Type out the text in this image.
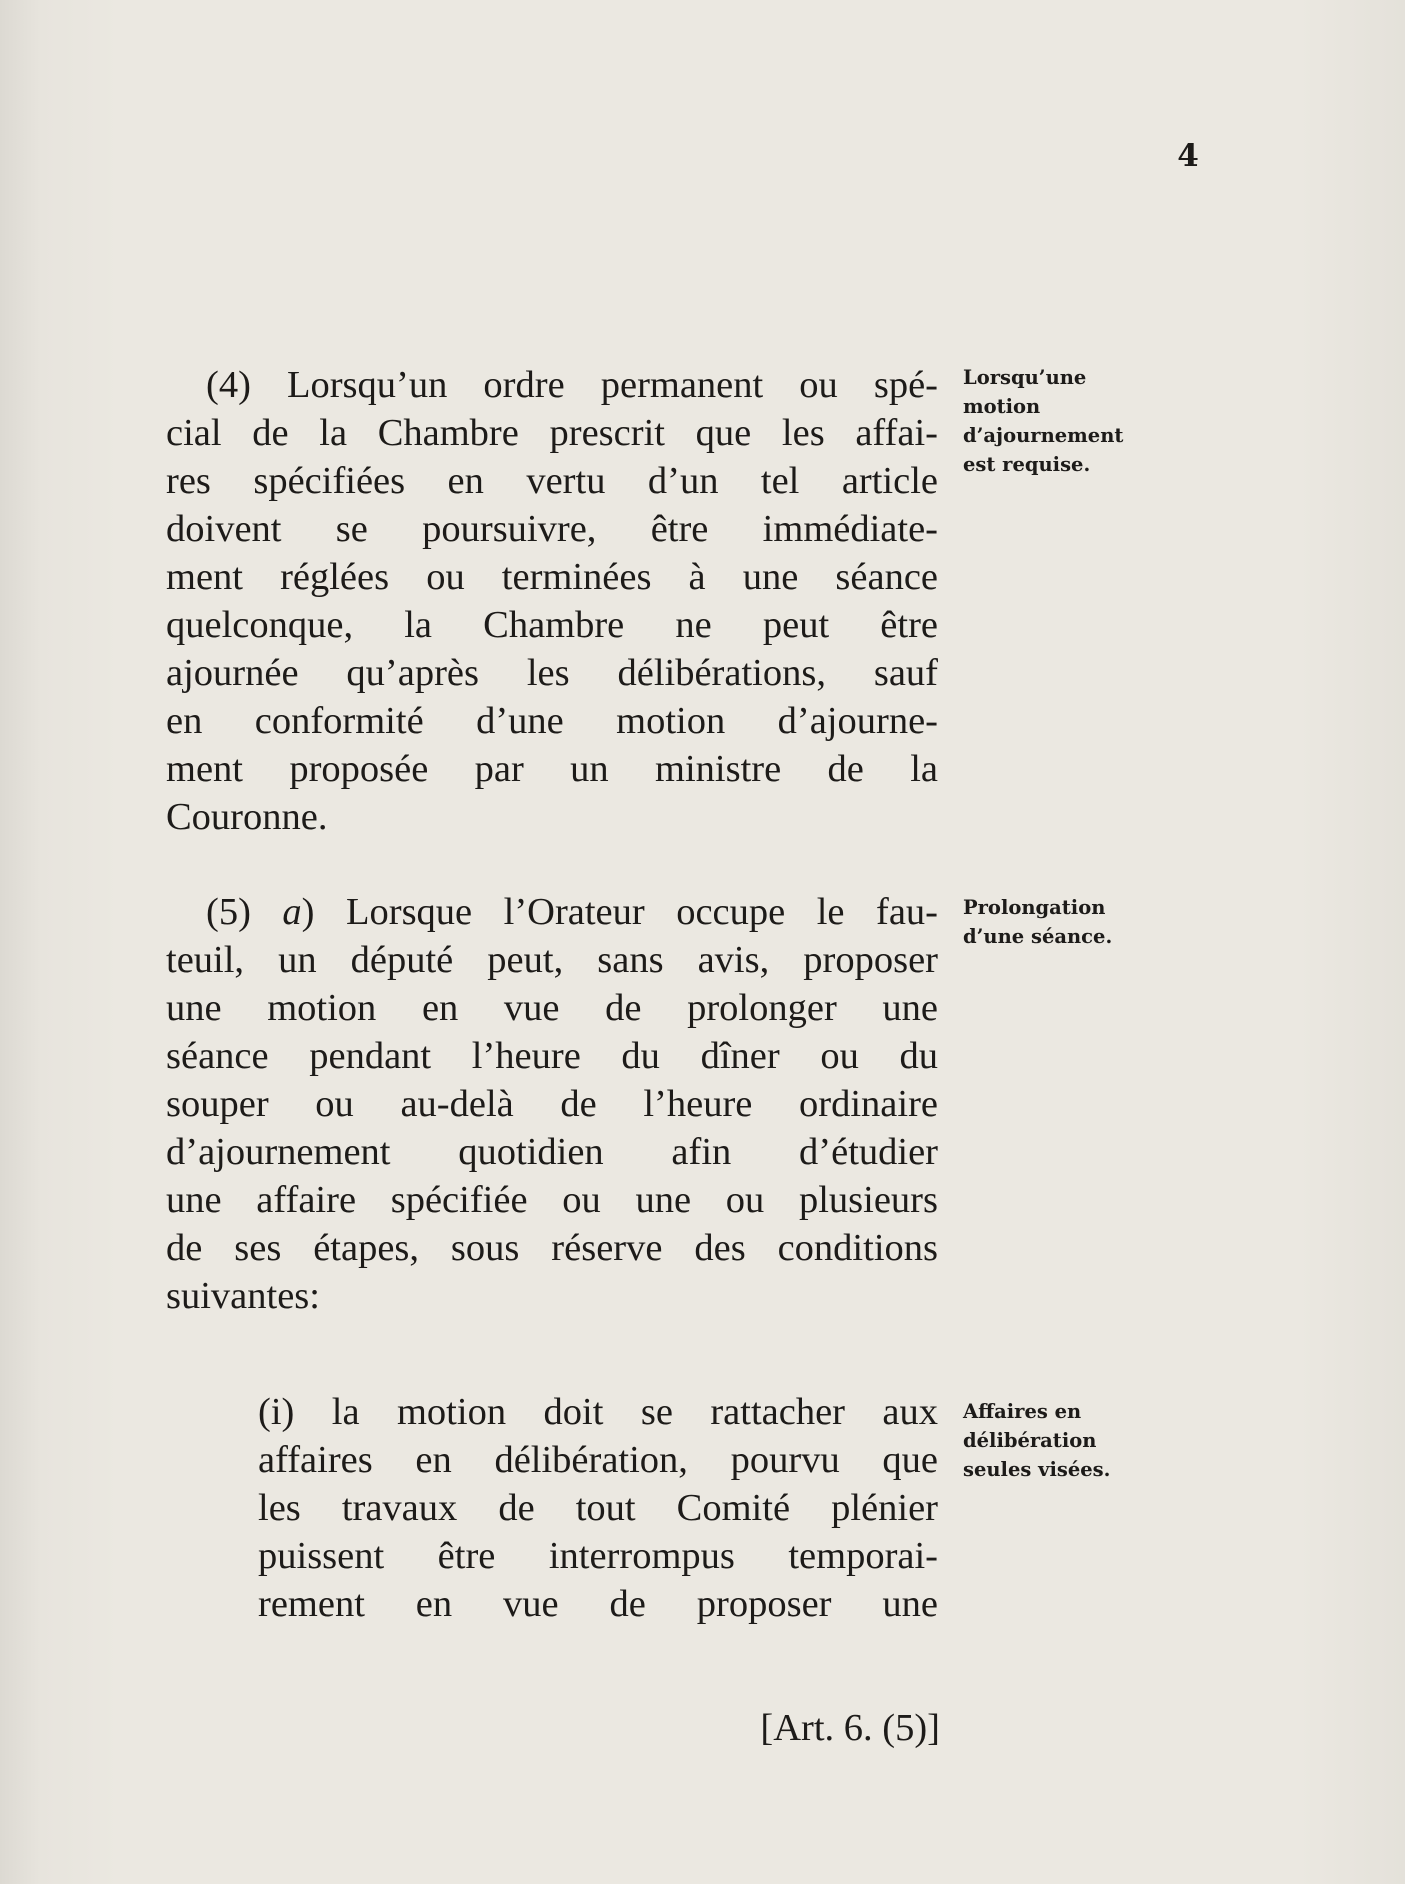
4
(4) Lorsqu’un ordre permanent ou spé-
cial de la Chambre prescrit que les affai-
res spécifiées en vertu d’un tel article
doivent se poursuivre, être immédiate-
ment réglées ou terminées à une séance
quelconque, la Chambre ne peut être
ajournée qu’après les délibérations, sauf
en conformité d’une motion d’ajourne-
ment proposée par un ministre de la
Couronne.
Lorsqu’une
motion
d’ajournement
est requise.
(5) a) Lorsque l’Orateur occupe le fau-
teuil, un député peut, sans avis, proposer
une motion en vue de prolonger une
séance pendant l’heure du dîner ou du
souper ou au-delà de l’heure ordinaire
d’ajournement quotidien afin d’étudier
une affaire spécifiée ou une ou plusieurs
de ses étapes, sous réserve des conditions
suivantes:
Prolongation
d’une séance.
(i) la motion doit se rattacher aux
affaires en délibération, pourvu que
les travaux de tout Comité plénier
puissent être interrompus temporai-
rement en vue de proposer une
Affaires en
délibération
seules visées.
[Art. 6. (5)]
